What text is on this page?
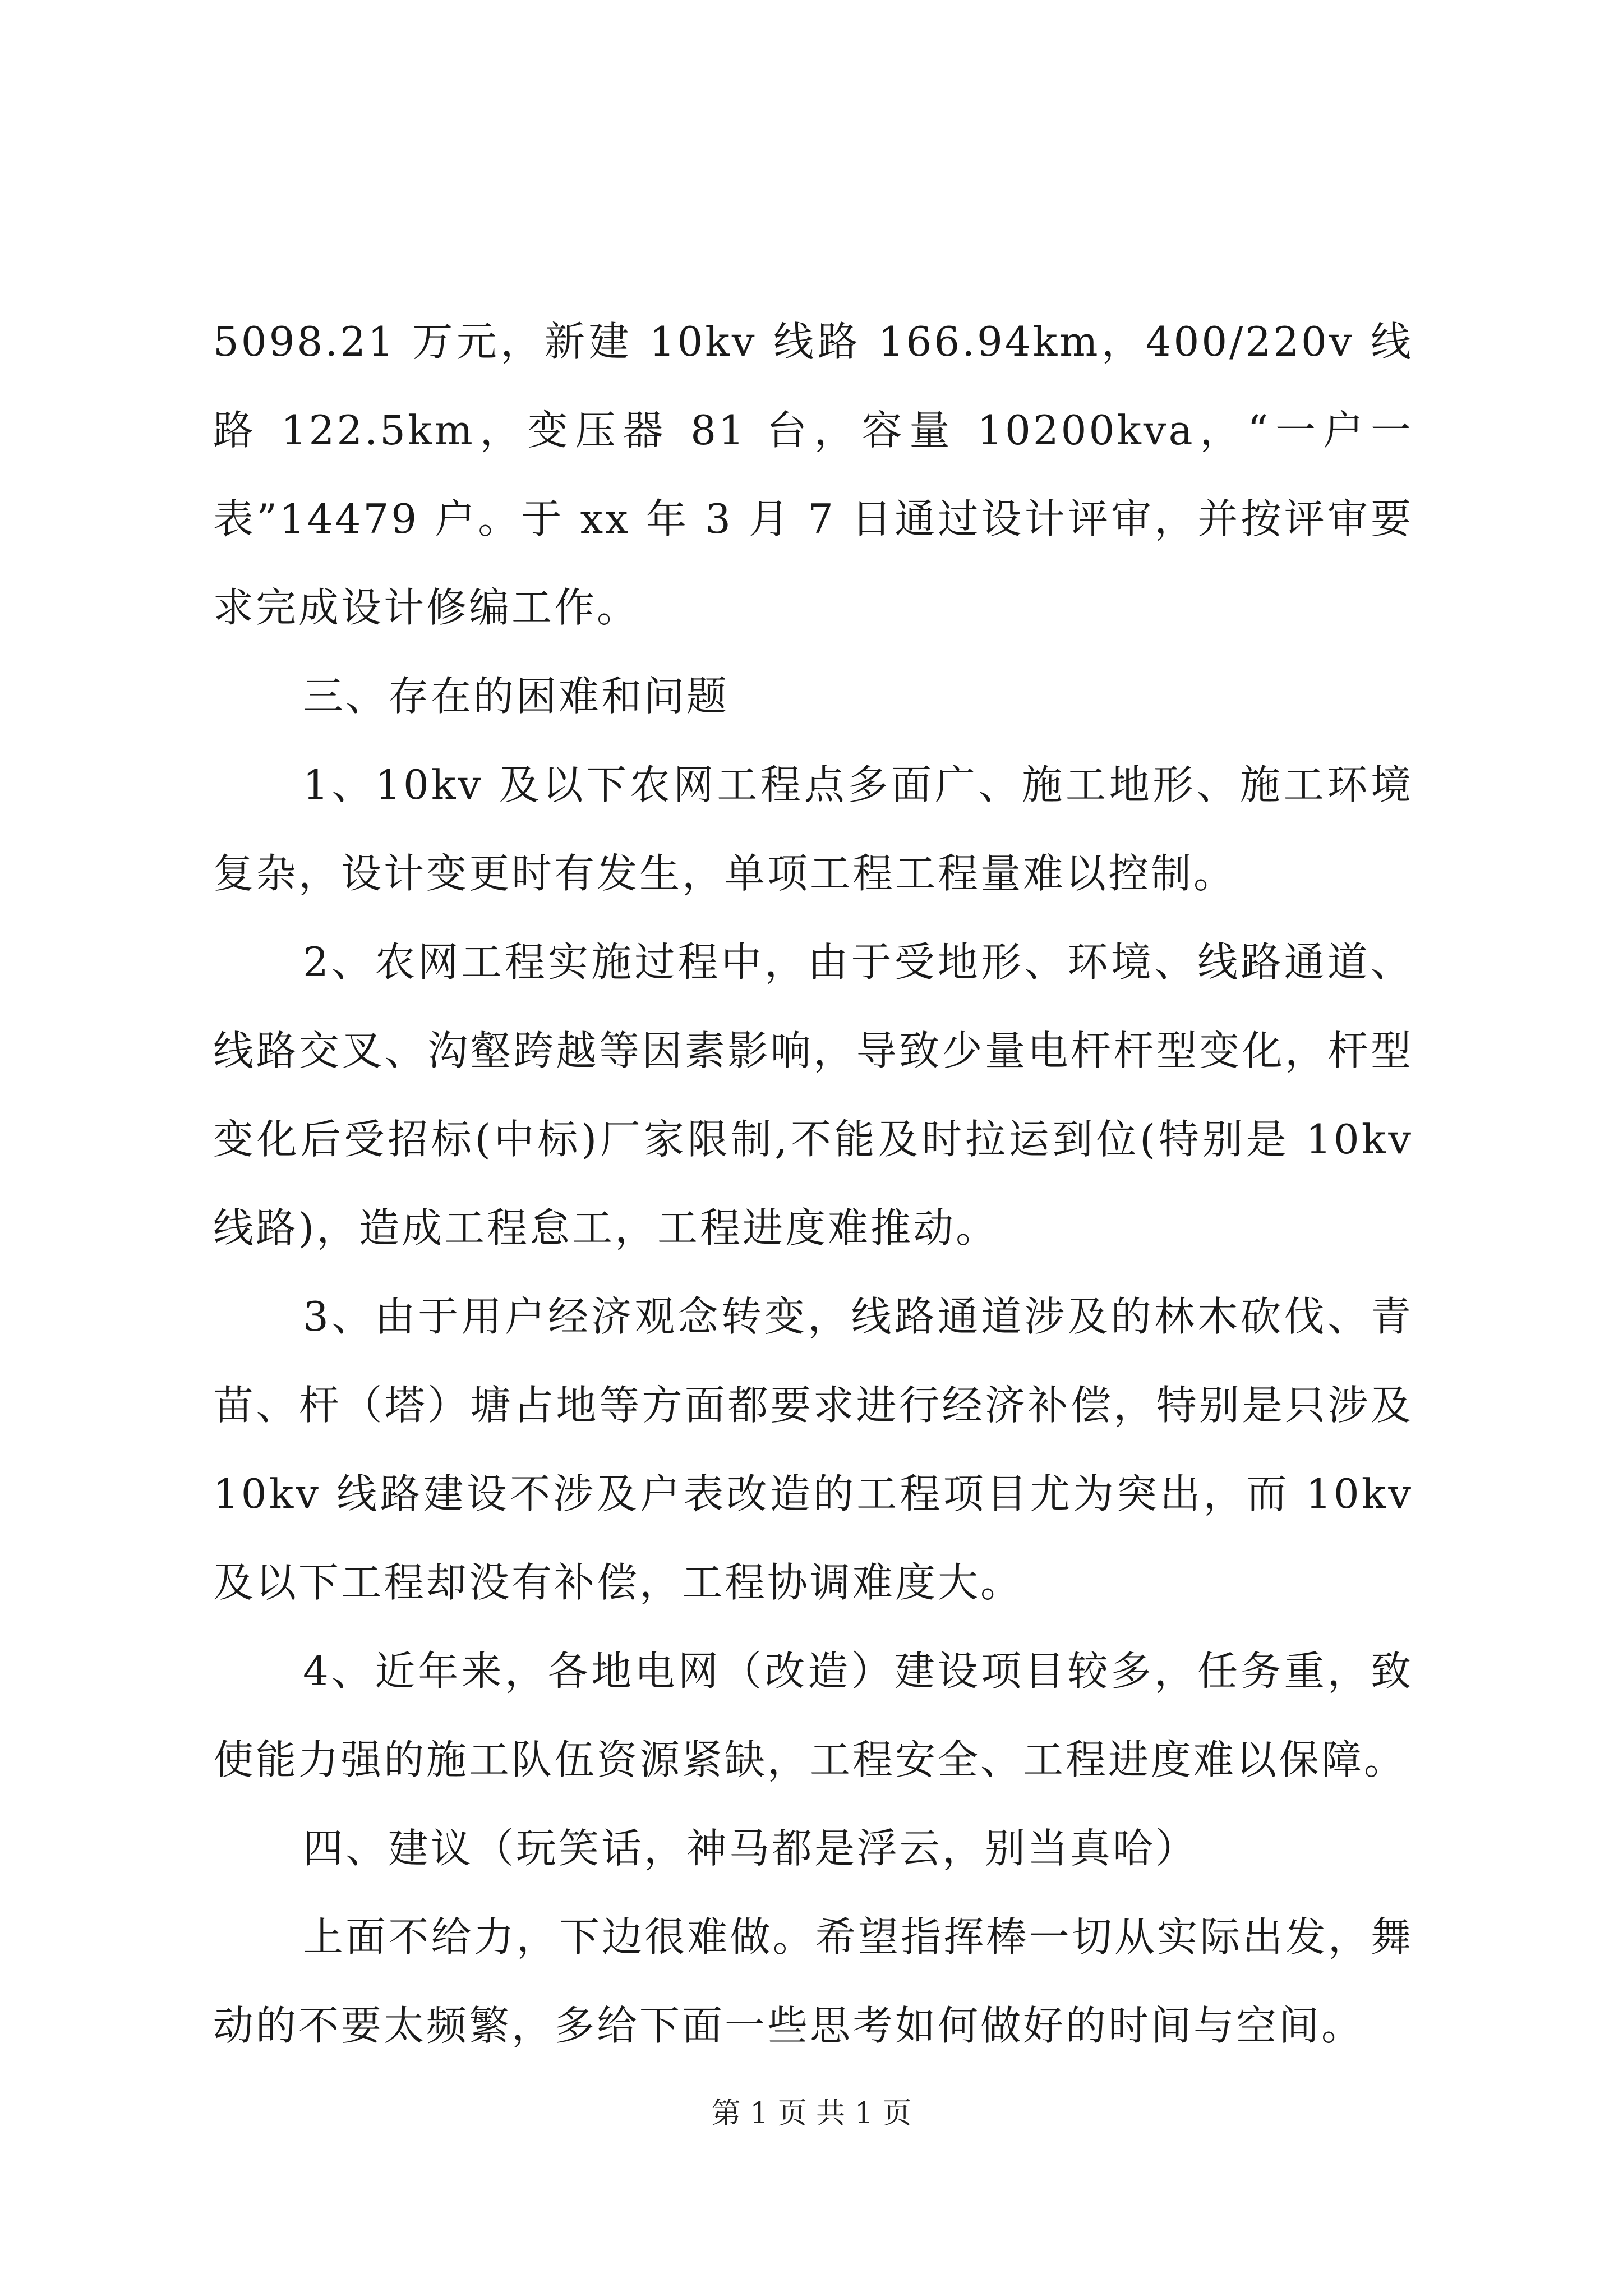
5098.21 万元，新建 10kv 线路 166.94km，400/220v 线路 122.5km，变压器 81 台，容量 10200kva，“一户一表”14479 户。于 xx 年 3 月 7 日通过设计评审，并按评审要求完成设计修编工作。

三、存在的困难和问题

1、10kv 及以下农网工程点多面广、施工地形、施工环境复杂，设计变更时有发生，单项工程工程量难以控制。

2、农网工程实施过程中，由于受地形、环境、线路通道、线路交叉、沟壑跨越等因素影响，导致少量电杆杆型变化，杆型变化后受招标(中标)厂家限制,不能及时拉运到位(特别是 10kv 线路)，造成工程怠工，工程进度难推动。

3、由于用户经济观念转变，线路通道涉及的林木砍伐、青苗、杆（塔）塘占地等方面都要求进行经济补偿，特别是只涉及 10kv 线路建设不涉及户表改造的工程项目尤为突出，而 10kv 及以下工程却没有补偿，工程协调难度大。

4、近年来，各地电网（改造）建设项目较多，任务重，致使能力强的施工队伍资源紧缺，工程安全、工程进度难以保障。

四、建议（玩笑话，神马都是浮云，别当真哈）

上面不给力，下边很难做。希望指挥棒一切从实际出发，舞动的不要太频繁，多给下面一些思考如何做好的时间与空间。

第 1 页 共 1 页
